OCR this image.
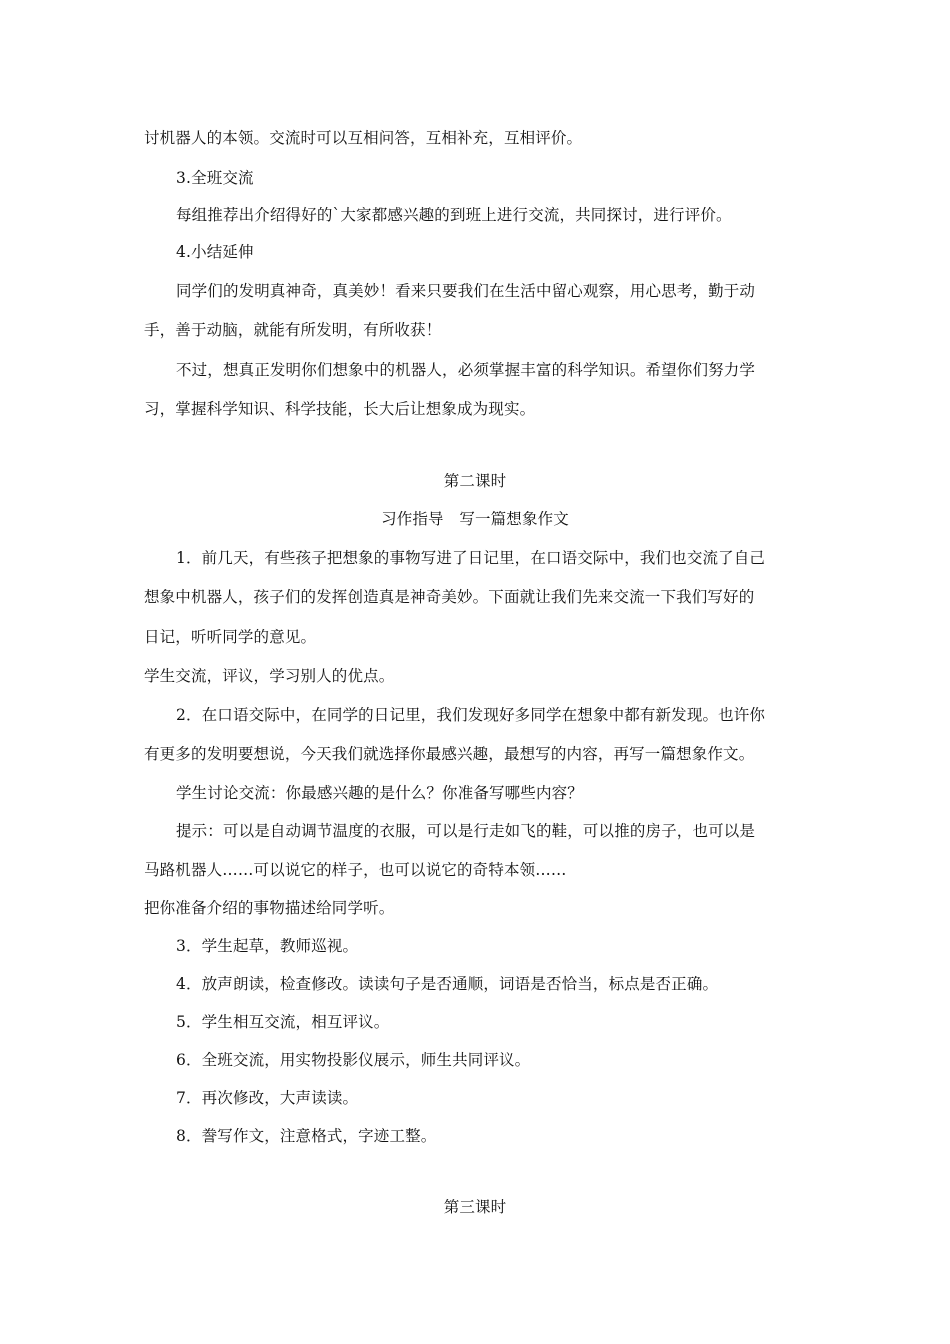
讨机器人的本领。交流时可以互相问答，互相补充，互相评价。
3.全班交流
每组推荐出介绍得好的`大家都感兴趣的到班上进行交流，共同探讨，进行评价。
4.小结延伸
同学们的发明真神奇，真美妙！看来只要我们在生活中留心观察，用心思考，勤于动
手，善于动脑，就能有所发明，有所收获！
不过，想真正发明你们想象中的机器人，必须掌握丰富的科学知识。希望你们努力学
习，掌握科学知识、科学技能，长大后让想象成为现实。
第二课时
习作指导　写一篇想象作文
1．前几天，有些孩子把想象的事物写进了日记里，在口语交际中，我们也交流了自己
想象中机器人，孩子们的发挥创造真是神奇美妙。下面就让我们先来交流一下我们写好的
日记，听听同学的意见。
学生交流，评议，学习别人的优点。
2．在口语交际中，在同学的日记里，我们发现好多同学在想象中都有新发现。也许你
有更多的发明要想说，今天我们就选择你最感兴趣，最想写的内容，再写一篇想象作文。
学生讨论交流：你最感兴趣的是什么？你准备写哪些内容？
提示：可以是自动调节温度的衣服，可以是行走如飞的鞋，可以推的房子，也可以是
马路机器人……可以说它的样子，也可以说它的奇特本领……
把你准备介绍的事物描述给同学听。
3．学生起草，教师巡视。
4．放声朗读，检查修改。读读句子是否通顺，词语是否恰当，标点是否正确。
5．学生相互交流，相互评议。
6．全班交流，用实物投影仪展示，师生共同评议。
7．再次修改，大声读读。
8．誊写作文，注意格式，字迹工整。
第三课时
